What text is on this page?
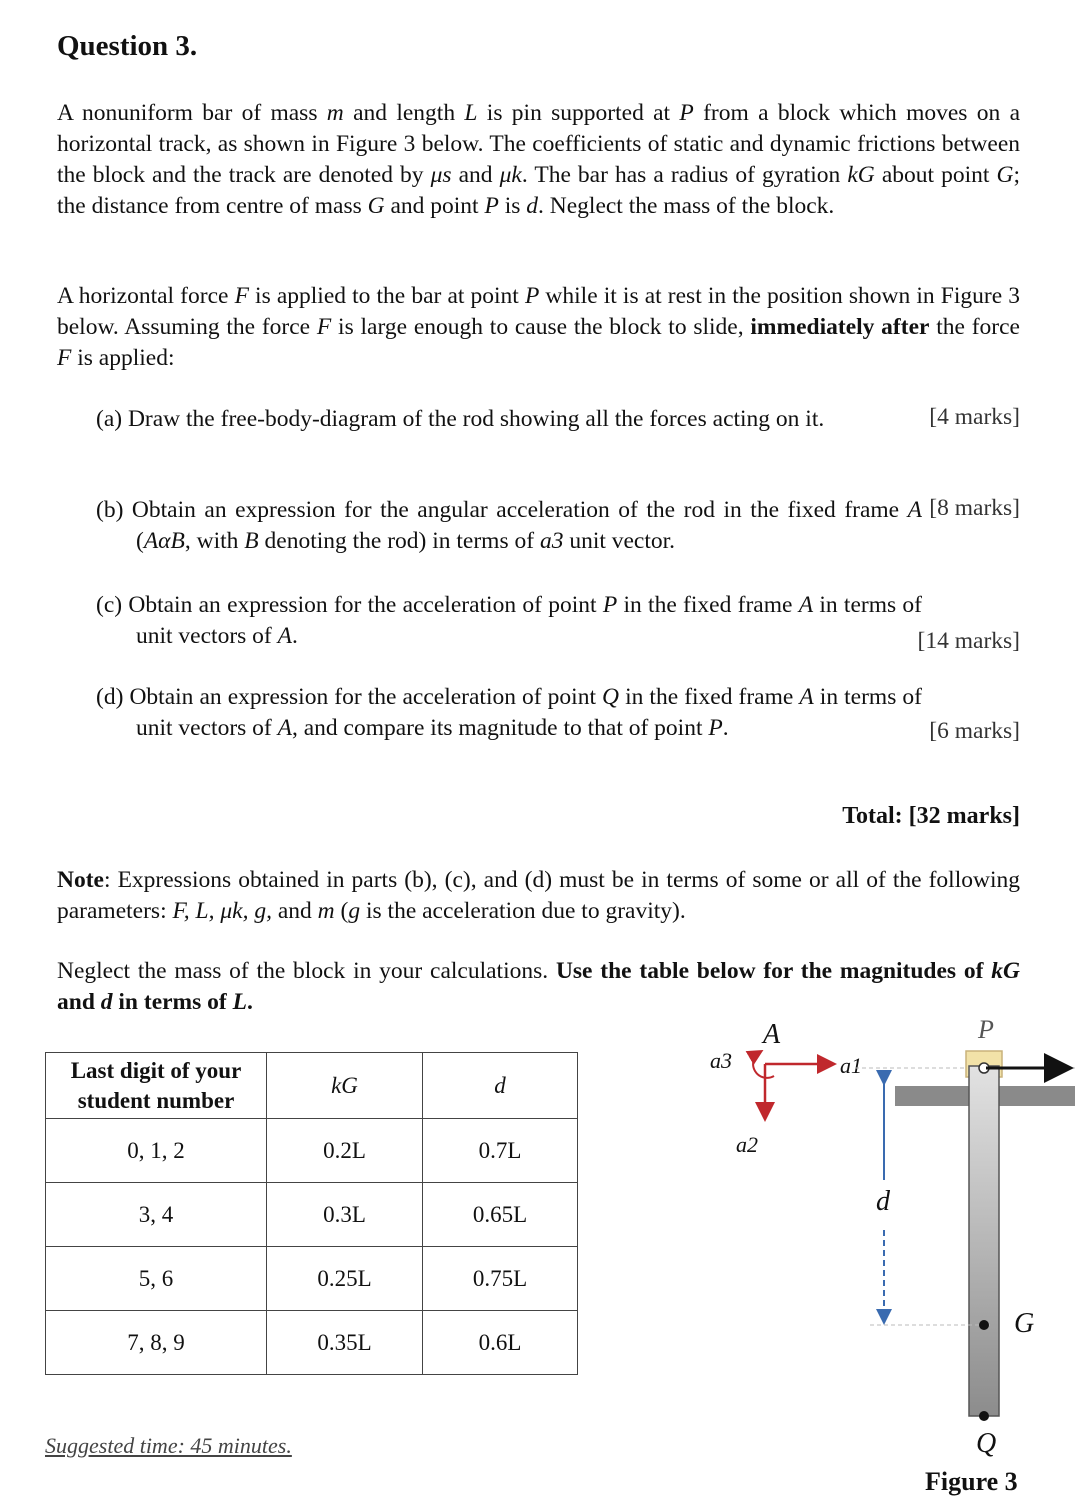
Question 3.
A nonuniform bar of mass m and length L is pin supported at P from a block which moves on a horizontal track, as shown in Figure 3 below. The coefficients of static and dynamic frictions between the block and the track are denoted by μs and μk. The bar has a radius of gyration kG about point G; the distance from centre of mass G and point P is d. Neglect the mass of the block.
A horizontal force F is applied to the bar at point P while it is at rest in the position shown in Figure 3 below. Assuming the force F is large enough to cause the block to slide, immediately after the force F is applied:
(a) Draw the free-body-diagram of the rod showing all the forces acting on it.	[4 marks]
(b) Obtain an expression for the angular acceleration of the rod in the fixed frame A (AαB, with B denoting the rod) in terms of a3 unit vector.
[8 marks]
(c) Obtain an expression for the acceleration of point P in the fixed frame A in terms of unit vectors of A.	[14 marks]
(d) Obtain an expression for the acceleration of point Q in the fixed frame A in terms of unit vectors of A, and compare its magnitude to that of point P.	[6 marks]
Total: [32 marks]
Note: Expressions obtained in parts (b), (c), and (d) must be in terms of some or all of the following parameters: F, L, μk, g, and m (g is the acceleration due to gravity).
Neglect the mass of the block in your calculations. Use the table below for the magnitudes of kG and d in terms of L.
Last digit of your student number	kG	d
0, 1, 2	0.2L	0.7L
3, 4	0.3L	0.65L
5, 6	0.25L	0.75L
7, 8, 9	0.35L	0.6L
Suggested time: 45 minutes.
A
a1
a2
a3
P
d
G
Q
Figure 3
